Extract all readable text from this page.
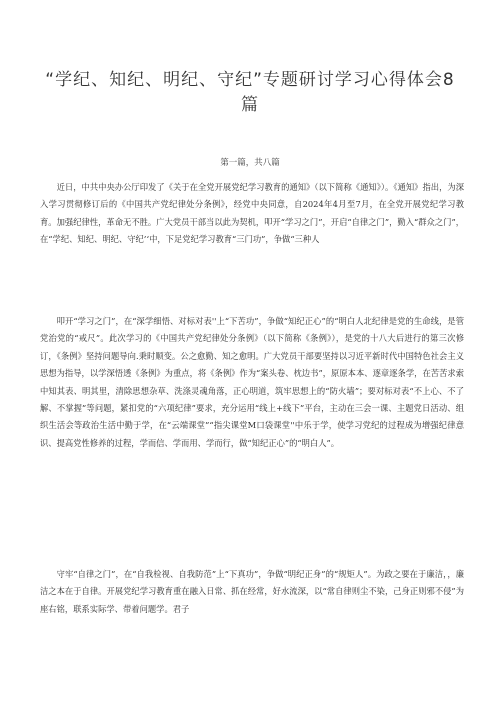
“学纪、知纪、明纪、守纪”专题研讨学习心得体会8篇
第一篇，共八篇

近日，中共中央办公厅印发了《关于在全党开展党纪学习教育的通知》（以下简称《通知》）。《通知》指出，为深入学习贯彻修订后的《中国共产党纪律处分条例》，经党中央同意，自2024年4月至7月，在全党开展党纪学习教育。加强纪律性，革命无不胜。广大党员干部当以此为契机，叩开“学习之门”，开启“自律之门”，勤入“群众之门”，在“学纪、知纪、明纪、守纪’‘中，下足党纪学习教育“三门功”，争做“三种人

叩开“学习之门”，在“深学细悟、对标对表''上“下苦功”，争做“知纪正心”的“明白人北纪律是党的生命线，是管党治党的“戒尺”。此次学习的《中国共产党纪律处分条例》（以下简称《条例》），是党的十八大后进行的第三次修订，《条例》坚持问题导向.秉时顺变。公之愈勤、知之愈明。广大党员干部要坚持以习近平新时代中国特色社会主义思想为指导，以学深悟透《条例》为重点，将《条例》作为“案头卷、枕边书”，原原本本、逐章逐条学，在苦苦求索中知其表、明其里，清除思想杂草、洗涤灵魂角落，正心明道，筑牢思想上的“防火墙”；要对标对表“不上心、不了解、不掌握”等问题，紧扣党的“六项纪律”要求，充分运用“线上+线下”平台，主动在三会一课、主题党日活动、组织生活会等政治生活中勤于学，在“云端课堂”“指尖课堂M口袋课堂''中乐于学，使学习党纪的过程成为增强纪律意识、提高党性修养的过程，学而信、学而用、学而行，做“知纪正心”的“明白人”。

守牢“自律之门”，在“自我检视、自我防范”上“下真功”，争做“明纪正身”的“规矩人”。为政之要在于廉洁，，廉洁之本在于自律。开展党纪学习教育重在融入日常、抓在经常，好水流深，以“常自律则尘不染，己身正则邪不侵”为座右铭，联系实际学、带着问题学。君子
